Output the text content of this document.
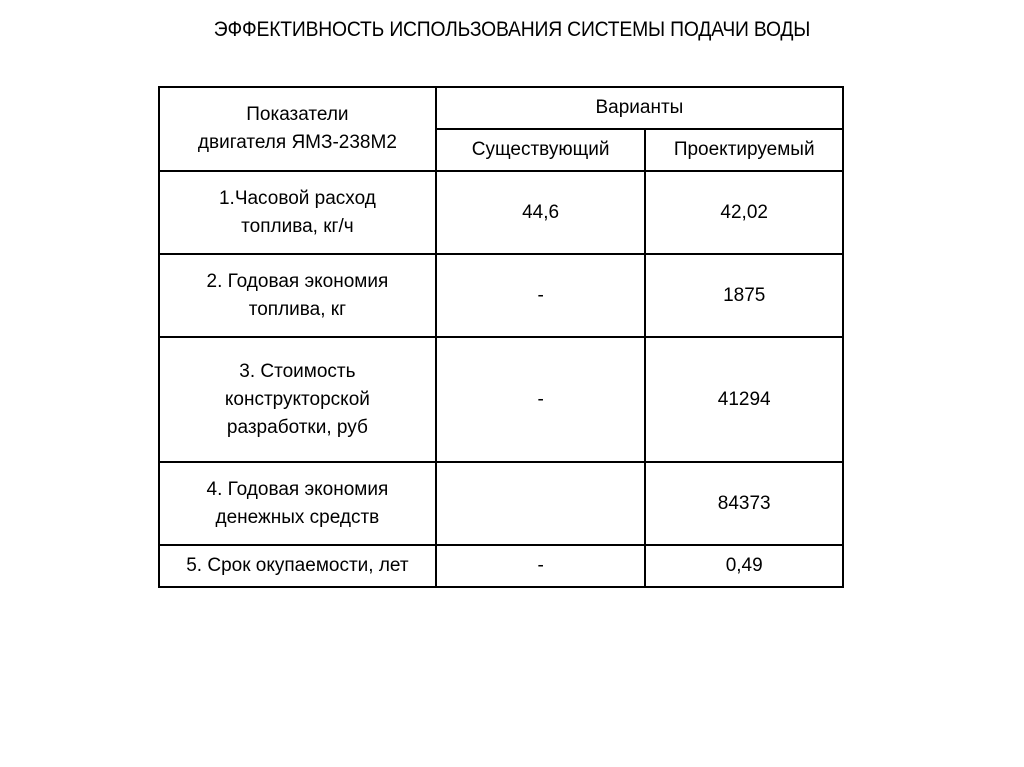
ЭФФЕКТИВНОСТЬ ИСПОЛЬЗОВАНИЯ СИСТЕМЫ ПОДАЧИ ВОДЫ
Показатели
двигателя ЯМЗ-238М2	Варианты	
	Существующий	Проектируемый
1.Часовой расход
топлива, кг/ч	44,6	42,02
2. Годовая экономия
топлива, кг	-	1875
3. Стоимость
конструкторской
разработки, руб	-	41294
4. Годовая экономия
денежных средств		84373
5. Срок окупаемости, лет	-	0,49
